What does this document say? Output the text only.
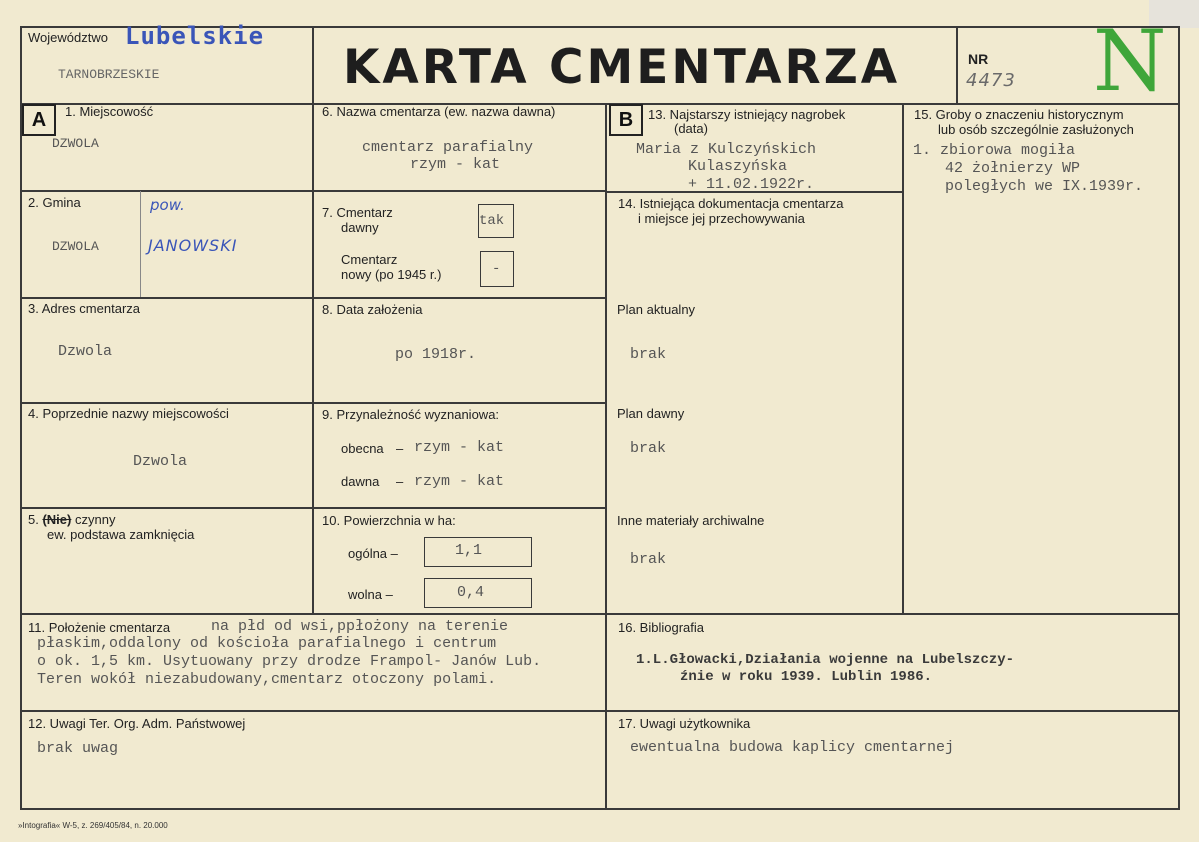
Województwo Lubelskie
TARNOBRZESKIE	KARTA CMENTARZA	NR
4473 N
A	B
1. Miejscowość
DZWOLA
2. Gmina	pow.
DZWOLA	JANOWSKI
3. Adres cmentarza
Dzwola
4. Poprzednie nazwy miejscowości
Dzwola
5. (Nie) czynny
ew. podstawa zamknięcia
6. Nazwa cmentarza (ew. nazwa dawna)
cmentarz parafialny
rzym - kat
7. Cmentarz
dawny	tak
Cmentarz
nowy (po 1945 r.)	-
8. Data założenia
po 1918r.
9. Przynależność wyznaniowa:
obecna – rzym - kat
dawna – rzym - kat
10. Powierzchnia w ha:
ogólna –	1,1
wolna –	0,4
13. Najstarszy istniejący nagrobek
(data)
Maria z Kulczyńskich
Kulaszyńska
+ 11.02.1922r.
14. Istniejąca dokumentacja cmentarza
i miejsce jej przechowywania
Plan aktualny
brak
Plan dawny
brak
Inne materiały archiwalne
brak
15. Groby o znaczeniu historycznym
lub osób szczególnie zasłużonych
1. zbiorowa mogiła
42 żołnierzy WP
poległych we IX.1939r.
11. Położenie cmentarza	na płd od wsi,ppłożony na terenie
płaskim,oddalony od kościoła parafialnego i centrum
o ok. 1,5 km. Usytuowany przy drodze Frampol- Janów Lub.
Teren wokół niezabudowany,cmentarz otoczony polami.
16. Bibliografia
1.L.Głowacki,Działania wojenne na Lubelszczy-
źnie w roku 1939. Lublin 1986.
12. Uwagi Ter. Org. Adm. Państwowej
brak uwag
17. Uwagi użytkownika
ewentualna budowa kaplicy cmentarnej
»Intografia« W-5, z. 269/405/84, n. 20.000
